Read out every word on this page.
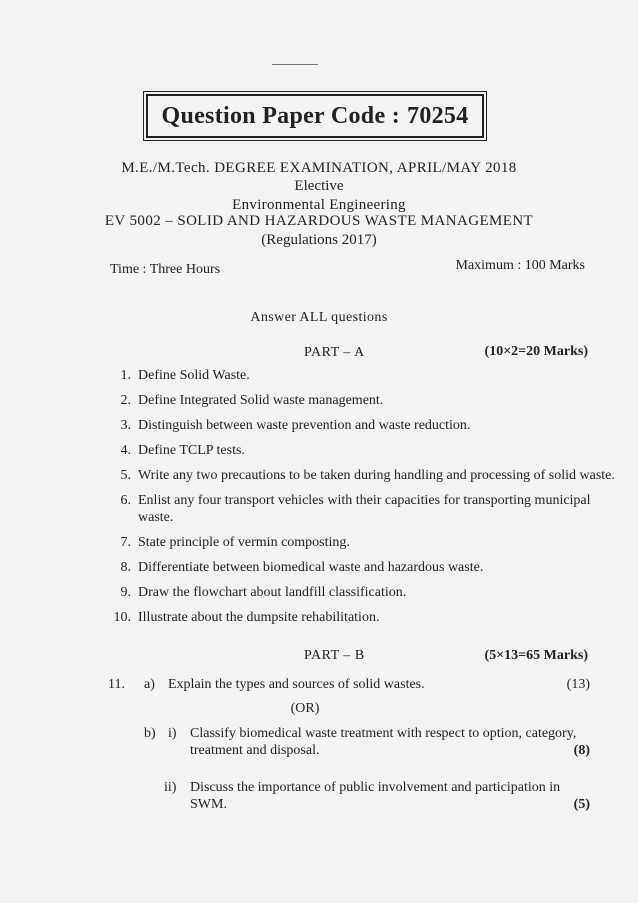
Question Paper Code : 70254
M.E./M.Tech. DEGREE EXAMINATION, APRIL/MAY 2018
Elective
Environmental Engineering
EV 5002 – SOLID AND HAZARDOUS WASTE MANAGEMENT
(Regulations 2017)
Time : Three Hours	Maximum : 100 Marks
Answer ALL questions
PART – A	(10×2=20 Marks)
1. Define Solid Waste.
2. Define Integrated Solid waste management.
3. Distinguish between waste prevention and waste reduction.
4. Define TCLP tests.
5. Write any two precautions to be taken during handling and processing of solid waste.
6. Enlist any four transport vehicles with their capacities for transporting municipal waste.
7. State principle of vermin composting.
8. Differentiate between biomedical waste and hazardous waste.
9. Draw the flowchart about landfill classification.
10. Illustrate about the dumpsite rehabilitation.
PART – B	(5×13=65 Marks)
11. a) Explain the types and sources of solid wastes.	(13)
(OR)
b) i) Classify biomedical waste treatment with respect to option, category, treatment and disposal.	(8)
ii) Discuss the importance of public involvement and participation in SWM.	(5)
